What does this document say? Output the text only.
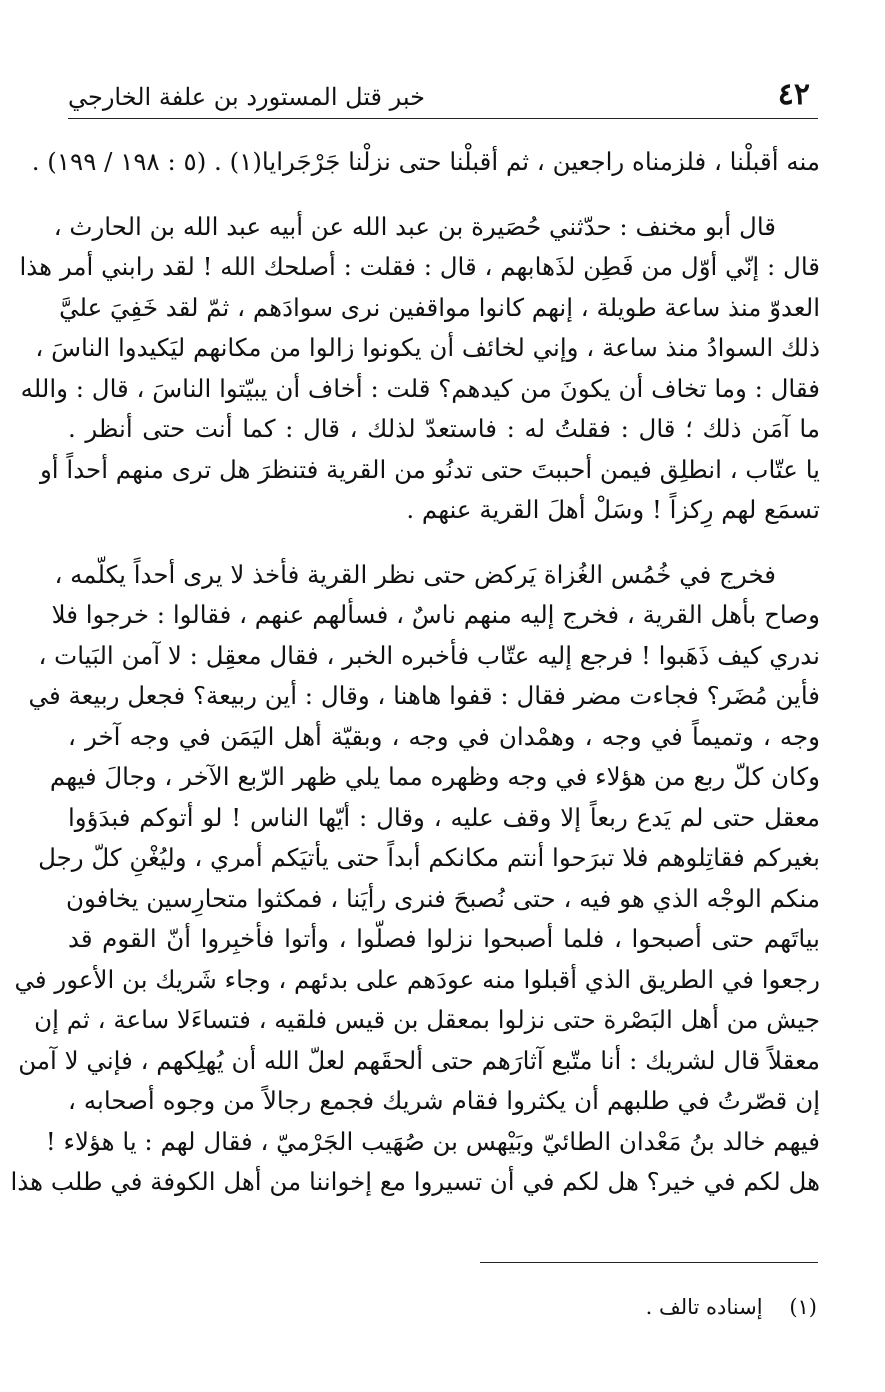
٤٢
خبر قتل المستورد بن علفة الخارجي
منه أقبلْنا ، فلزمناه راجعين ، ثم أقبلْنا حتى نزلْنا جَرْجَرايا(١) . (٥ : ١٩٨ / ١٩٩) .
قال أبو مخنف : حدّثني حُصَيرة بن عبد الله عن أبيه عبد الله بن الحارث ،
قال : إنّي أوّل من فَطِن لذَهابهم ، قال : فقلت : أصلحك الله ! لقد رابني أمر هذا
العدوّ منذ ساعة طويلة ، إنهم كانوا مواقفين نرى سوادَهم ، ثمّ لقد خَفِيَ عليَّ
ذلك السوادُ منذ ساعة ، وإني لخائف أن يكونوا زالوا من مكانهم ليَكيدوا الناسَ ،
فقال : وما تخاف أن يكونَ من كيدهم؟ قلت : أخاف أن يبيّتوا الناسَ ، قال : والله
ما آمَن ذلك ؛ قال : فقلتُ له : فاستعدّ لذلك ، قال : كما أنت حتى أنظر .
يا عتّاب ، انطلِق فيمن أحببتَ حتى تدنُو من القرية فتنظرَ هل ترى منهم أحداً أو
تسمَع لهم رِكزاً ! وسَلْ أهلَ القرية عنهم .
فخرج في خُمُس الغُزاة يَركض حتى نظر القرية فأخذ لا يرى أحداً يكلّمه ،
وصاح بأهل القرية ، فخرج إليه منهم ناسٌ ، فسألهم عنهم ، فقالوا : خرجوا فلا
ندري كيف ذَهَبوا ! فرجع إليه عتّاب فأخبره الخبر ، فقال معقِل : لا آمن البَيات ،
فأين مُضَر؟ فجاءت مضر فقال : قفوا هاهنا ، وقال : أين ربيعة؟ فجعل ربيعة في
وجه ، وتميماً في وجه ، وهمْدان في وجه ، وبقيّة أهل اليَمَن في وجه آخر ،
وكان كلّ ربع من هؤلاء في وجه وظهره مما يلي ظهر الرّبع الآخر ، وجالَ فيهم
معقل حتى لم يَدع ربعاً إلا وقف عليه ، وقال : أيّها الناس ! لو أتوكم فبدَؤوا
بغيركم فقاتِلوهم فلا تبرَحوا أنتم مكانكم أبداً حتى يأتيَكم أمري ، وليُغْنِ كلّ رجل
منكم الوجْه الذي هو فيه ، حتى نُصبحَ فنرى رأيَنا ، فمكثوا متحارِسين يخافون
بياتَهم حتى أصبحوا ، فلما أصبحوا نزلوا فصلّوا ، وأتوا فأخبِروا أنّ القوم قد
رجعوا في الطريق الذي أقبلوا منه عودَهم على بدئهم ، وجاء شَريك بن الأعور في
جيش من أهل البَصْرة حتى نزلوا بمعقل بن قيس فلقيه ، فتساءَلا ساعة ، ثم إن
معقلاً قال لشريك : أنا متّبع آثارَهم حتى ألحقَهم لعلّ الله أن يُهلِكهم ، فإني لا آمن
إن قصّرتُ في طلبهم أن يكثروا فقام شريك فجمع رجالاً من وجوه أصحابه ،
فيهم خالد بنُ مَعْدان الطائيّ وبَيْهس بن صُهَيب الجَرْميّ ، فقال لهم : يا هؤلاء !
هل لكم في خير؟ هل لكم في أن تسيروا مع إخواننا من أهل الكوفة في طلب هذا
(١)    إسناده تالف .
